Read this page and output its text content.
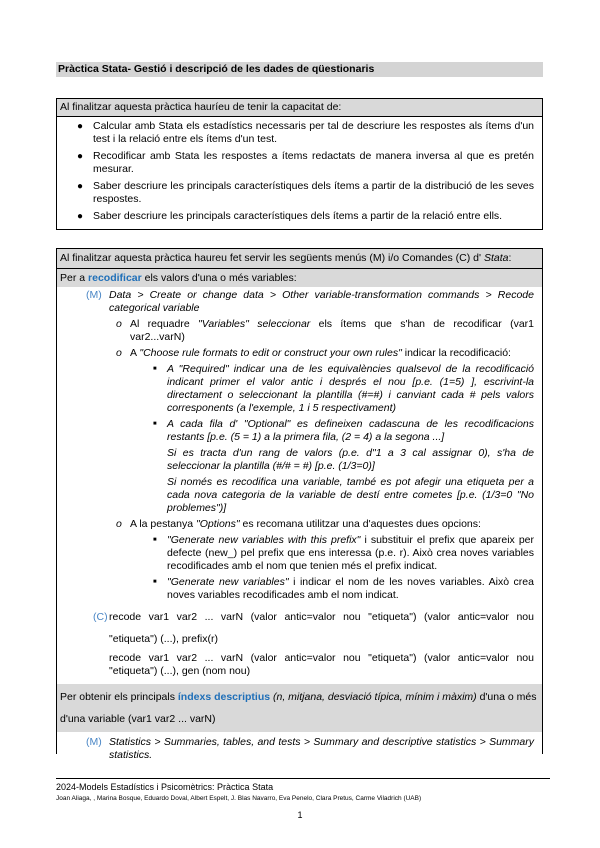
Pràctica Stata- Gestió i descripció de les dades de qüestionaris
Al finalitzar aquesta pràctica hauríeu de tenir la capacitat de:
● Calcular amb Stata els estadístics necessaris per tal de descriure les respostes als ítems d'un test i la relació entre els ítems d'un test.
● Recodificar amb Stata les respostes a ítems redactats de manera inversa al que es pretén mesurar.
● Saber descriure les principals característiques dels ítems a partir de la distribució de les seves respostes.
● Saber descriure les principals característiques dels ítems a partir de la relació entre ells.
Al finalitzar aquesta pràctica haureu fet servir les següents menús (M) i/o Comandes (C) d' Stata:
Per a recodificar els valors d'una o més variables:
(M) Data > Create or change data > Other variable-transformation commands > Recode categorical variable
o Al requadre "Variables" seleccionar els ítems que s'han de recodificar (var1 var2...varN)
o A "Choose rule formats to edit or construct your own rules" indicar la recodificació:
■ A "Required" indicar una de les equivalències qualsevol de la recodificació indicant primer el valor antic i després el nou [p.e. (1=5) ], escrivint-la directament o seleccionant la plantilla (#=#) i canviant cada # pels valors corresponents (a l'exemple, 1 i 5 respectivament)
■ A cada fila d' "Optional" es defineixen cadascuna de les recodificacions restants [p.e. (5 = 1) a la primera fila, (2 = 4) a la segona ...]
Si es tracta d'un rang de valors (p.e. d"1 a 3 cal assignar 0), s'ha de seleccionar la plantilla (#/# = #) [p.e. (1/3=0)]
Si només es recodifica una variable, també es pot afegir una etiqueta per a cada nova categoria de la variable de destí entre cometes [p.e. (1/3=0 "No problemes")]
o A la pestanya "Options" es recomana utilitzar una d'aquestes dues opcions:
■ "Generate new variables with this prefix" i substituir el prefix que apareix per defecte (new_) pel prefix que ens interessa (p.e. r). Això crea noves variables recodificades amb el nom que tenien més el prefix indicat.
■ "Generate new variables" i indicar el nom de les noves variables. Això crea noves variables recodificades amb el nom indicat.
(C) recode var1 var2 ... varN (valor antic=valor nou "etiqueta") (valor antic=valor nou "etiqueta") (...), prefix(r)
recode var1 var2 ... varN (valor antic=valor nou "etiqueta") (valor antic=valor nou "etiqueta") (...), gen (nom nou)
Per obtenir els principals índexs descriptius (n, mitjana, desviació típica, mínim i màxim) d'una o més d'una variable (var1 var2 ... varN)
(M) Statistics > Summaries, tables, and tests > Summary and descriptive statistics > Summary statistics.
2024-Models Estadístics i Psicomètrics: Pràctica Stata
Joan Aliaga, , Marina Bosque, Eduardo Doval, Albert Espelt, J. Blas Navarro, Eva Penelo, Clara Pretus, Carme Viladrich (UAB)
1
